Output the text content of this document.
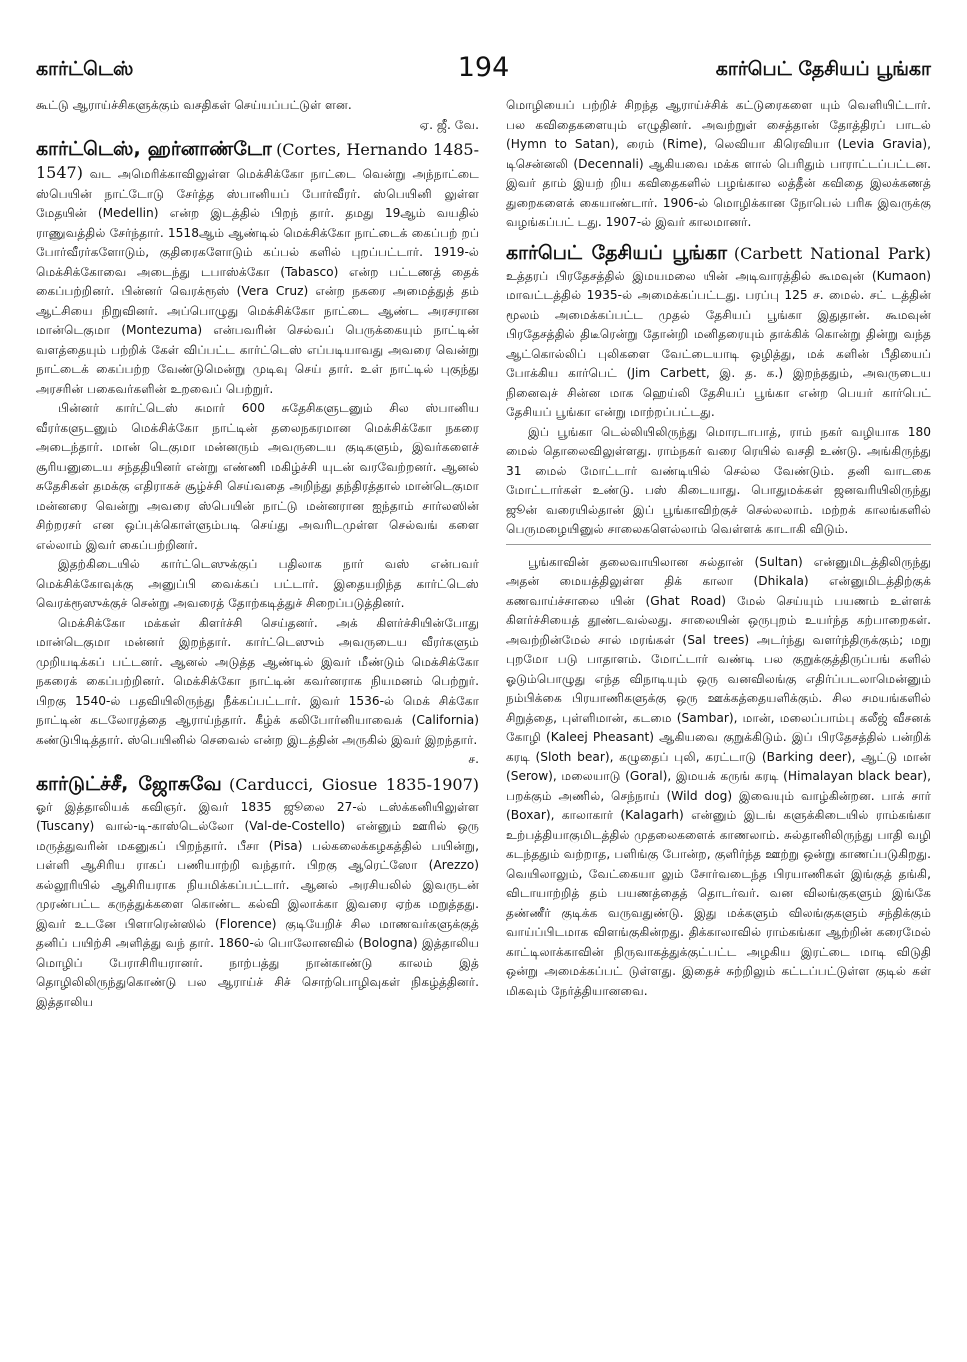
கார்ட்டெஸ்	194	கார்பெட் தேசியப் பூங்கா

கூட்டு ஆராய்ச்சிகளுக்கும் வசதிகள் செய்யப்பட்டுள் ளன.

ஏ. ஜீ. வே.

கார்ட்டெஸ், ஹர்னாண்டோ (Cortes, Hernando 1485-1547) வட அமெரிக்காவிலுள்ள மெக்சிக்கோ நாட்டை வென்று அந்நாட்டை ஸ்பெயின் நாட்டோடு சேர்த்த ஸ்பானியப் போர்வீரர். ஸ்பெயினி லுள்ள மேதயின் (Medellin) என்ற இடத்தில் பிறந் தார். தமது 19ஆம் வயதில் ராணுவத்தில் சேர்ந்தார். 1518ஆம் ஆண்டில் மெக்சிக்கோ நாட்டைக் கைப்பற் றப் போர்வீரர்களோடும், குதிரைகளோடும் கப்பல் களில் புறப்பட்டார். 1919-ல் மெக்சிக்கோவை அடைந்து டபாஸ்க்கோ (Tabasco) என்ற பட்டணத் தைக் கைப்பற்றினர். பின்னர் வெரக்ரூஸ் (Vera Cruz) என்ற நகரை அமைத்துத் தம் ஆட்சியை நிறுவினர். அப்பொழுது மெக்சிக்கோ நாட்டை ஆண்ட அரசரான மான்டெகுமா (Montezuma) என்பவரின் செல்வப் பெருக்கையும் நாட்டின் வளத்தையும் பற்றிக் கேள் விப்பட்ட கார்ட்டெஸ் எப்படியாவது அவரை வென்று நாட்டைக் கைப்பற்ற வேண்டுமென்று முடிவு செய் தார். உள் நாட்டில் புகுந்து அரசரின் பகைவர்களின் உறவைப் பெற்றுர்.

பின்னர் கார்ட்டெஸ் சுமார் 600 சுதேசிகளுடனும் சில ஸ்பானிய வீரர்களுடனும் மெக்சிக்கோ நாட்டின் தலைநகரமான மெக்சிக்கோ நகரை அடைந்தார். மான் டெகுமா மன்னரும் அவருடைய குடிகளும், இவர்களைச் சூரியனுடைய சந்ததியினர் என்று எண்ணி மகிழ்ச்சி யுடன் வரவேற்றனர். ஆனல் சுதேசிகள் தமக்கு எதிராகச் சூழ்ச்சி செய்வதை அறிந்து தந்திரத்தால் மான்டெகுமா மன்னரை வென்று அவரை ஸ்பெயின் நாட்டு மன்னரான ஐந்தாம் சார்லஸின் சிற்றரசர் என ஒப்புக்கொள்ளும்படி செய்து அவரிடமுள்ள செல்வங் களை எல்லாம் இவர் கைப்பற்றினர்.

இதற்கிடையில் கார்ட்டெஸுக்குப் பதிலாக நார் வஸ் என்பவர் மெக்சிக்கோவுக்கு அனுப்பி வைக்கப் பட்டார். இதையறிந்த கார்ட்டெஸ் வெரக்ரூஸுக்குச் சென்று அவரைத் தோற்கடித்துச் சிறைப்படுத்தினர்.

மெக்சிக்கோ மக்கள் கிளர்ச்சி செய்தனர். அக் கிளர்ச்சியின்போது மான்டெகுமா மன்னர் இறந்தார். கார்ட்டெஸும் அவருடைய வீரர்களும் முறியடிக்கப் பட்டனர். ஆனல் அடுத்த ஆண்டில் இவர் மீண்டும் மெக்சிக்கோ நகரைக் கைப்பற்றினர். மெக்சிக்கோ நாட்டின் கவர்னராக நியமனம் பெற்றுர். பிறகு 1540-ல் பதவியிலிருந்து நீக்கப்பட்டார். இவர் 1536-ல் மெக் சிக்கோ நாட்டின் கடலோரத்தை ஆராய்ந்தார். கீழ்க் கலிபோர்னியாவைக் (California) கண்டுபிடித்தார். ஸ்பெயினில் செவைல் என்ற இடத்தின் அருகில் இவர் இறந்தார்.

ச.

கார்டுட்ச்சீ, ஜோசுவே (Carducci, Giosue 1835-1907) ஓர் இத்தாலியக் கவிஞர். இவர் 1835 ஜூலை 27-ல் டஸ்க்கனியிலுள்ள (Tuscany) வால்-டி-காஸ்டெல்லோ (Val-de-Costello) என்னும் ஊரில் ஒரு மருத்துவரின் மகனுகப் பிறந்தார். பீசா (Pisa) பல்கலைக்கழகத்தில் பயின்று, பள்ளி ஆசிரிய ராகப் பணியாற்றி வந்தார். பிறகு ஆரெட்ஸோ (Arezzo) கல்லூரியில் ஆசிரியராக நியமிக்கப்பட்டார். ஆனல் அரசியலில் இவருடன் முரண்பட்ட கருத்துக்களை கொண்ட கல்வி இலாக்கா இவரை ஏற்க மறுத்தது. இவர் உடனே பிளாரென்ஸில் (Florence) குடியேறிச் சில மாணவர்களுக்குத் தனிப் பயிற்சி அளித்து வந் தார். 1860-ல் பொலோனவில் (Bologna) இத்தாலிய மொழிப் பேராசிரியரானர். நாற்பத்து நான்காண்டு காலம் இத் தொழிலிலிருந்துகொண்டு பல ஆராய்ச் சிச் சொற்பொழிவுகள் நிகழ்த்தினர். இத்தாலிய

மொழியைப் பற்றிச் சிறந்த ஆராய்ச்சிக் கட்டுரைகளை யும் வெளியிட்டார். பல கவிதைகளையும் எழுதினர். அவற்றுள் சைத்தான் தோத்திரப் பாடல் (Hymn to Satan), ரைம் (Rime), லெவியா கிரெவியா (Levia Gravia), டிசென்னலி (Decennali) ஆகியவை மக்க ளால் பெரிதும் பாராட்டப்பட்டன. இவர் தாம் இயற் றிய கவிதைகளில் பழங்கால லத்தீன் கவிதை இலக்கணத் துறைகளைக் கையாண்டார். 1906-ல் மொழிக்கான நோபெல் பரிசு இவருக்கு வழங்கப்பட் டது. 1907-ல் இவர் காலமானர்.

கார்பெட் தேசியப் பூங்கா (Carbett National Park) உத்தரப் பிரதேசத்தில் இமயமலை யின் அடிவாரத்தில் கூமவுன் (Kumaon) மாவட்டத்தில் 1935-ல் அமைக்கப்பட்டது. பரப்பு 125 ச. மைல். சட் டத்தின் மூலம் அமைக்கப்பட்ட முதல் தேசியப் பூங்கா இதுதான். கூமவுன் பிரதேசத்தில் திடீரென்று தோன்றி மனிதரையும் தாக்கிக் கொன்று தின்று வந்த ஆட்கொல்லிப் புலிகளை வேட்டையாடி ஒழித்து, மக் களின் பீதியைப் போக்கிய கார்பெட் (Jim Carbett, இ. த. க.) இறந்ததும், அவருடைய நினைவுச் சின்ன மாக ஹெய்லி தேசியப் பூங்கா என்ற பெயர் கார்பெட் தேசியப் பூங்கா என்று மாற்றப்பட்டது.

இப் பூங்கா டெல்லியிலிருந்து மொரடாபாத், ராம் நகர் வழியாக 180 மைல் தொலைவிலுள்ளது. ராம்நகர் வரை ரெயில் வசதி உண்டு. அங்கிருந்து 31 மைல் மோட்டார் வண்டியில் செல்ல வேண்டும். தனி வாடகை மோட்டார்கள் உண்டு. பஸ் கிடையாது. பொதுமக்கள் ஜனவரியிலிருந்து ஜூன் வரையில்தான் இப் பூங்காவிற்குச் செல்லலாம். மற்றக் காலங்களில் பெருமழையினுல் சாலைகளெல்லாம் வெள்ளக் காடாகி விடும்.

பூங்காவின் தலைவாயிலான சுல்தான் (Sultan) என்னுமிடத்திலிருந்து அதன் மையத்திலுள்ள திக் காலா (Dhikala) என்னுமிடத்திற்குக் கணவாய்ச்சாலை யின் (Ghat Road) மேல் செய்யும் பயணம் உள்ளக் கிளர்ச்சியைத் தூண்டவல்லது. சாலையின் ஒருபுறம் உயர்ந்த கற்பாறைகள். அவற்றின்மேல் சால் மரங்கள் (Sal trees) அடர்ந்து வளர்ந்திருக்கும்; மறு புறமோ படு பாதாளம். மோட்டார் வண்டி பல குறுக்குத்திருப்பங் களில் ஓடும்பொழுது எந்த விநாடியும் ஒரு வனவிலங்கு எதிர்ப்படலாமென்னும் நம்பிக்கை பிரயாணிகளுக்கு ஒரு ஊக்கத்தையளிக்கும். சில சமயங்களில் சிறுத்தை, புள்ளிமான், கடமை (Sambar), மான், மலைப்பாம்பு கலீஜ் வீசனக் கோழி (Kaleej Pheasant) ஆகியவை குறுக்கிடும். இப் பிரதேசத்தில் பன்றிக் கரடி (Sloth bear), கழுதைப் புலி, கரட்டாடு (Barking deer), ஆட்டு மான் (Serow), மலையாடு (Goral), இமயக் கருங் கரடி (Himalayan black bear), பறக்கும் அணில், செந்நாய் (Wild dog) இவையும் வாழ்கின்றன. பாக் சார் (Boxar), காலாகார் (Kalagarh) என்னும் இடங் களுக்கிடையில் ராம்கங்கா உற்பத்தியாகுமிடத்தில் முதலைகளைக் காணலாம். சுல்தானிலிருந்து பாதி வழி கடந்ததும் வற்றாத, பளிங்கு போன்ற, குளிர்ந்த ஊற்று ஒன்று காணப்படுகிறது. வெயிலாலும், வேட்கையா லும் சோர்வடைந்த பிரயாணிகள் இங்குத் தங்கி, விடாயாற்றித் தம் பயணத்தைத் தொடர்வர். வன விலங்குகளும் இங்கே தண்ணீர் குடிக்க வருவதுண்டு. இது மக்களும் விலங்குகளும் சந்திக்கும் வாய்ப்பிடமாக விளங்குகின்றது. திக்காலாவில் ராம்கங்கா ஆற்றின் கரைமேல் காட்டிலாக்காவின் நிருவாகத்துக்குட்பட்ட அழகிய இரட்டை மாடி விடுதி ஒன்று அமைக்கப்பட் டுள்ளது. இதைச் சுற்றிலும் கட்டப்பட்டுள்ள குடில் கள் மிகவும் நேர்த்தியானவை.
